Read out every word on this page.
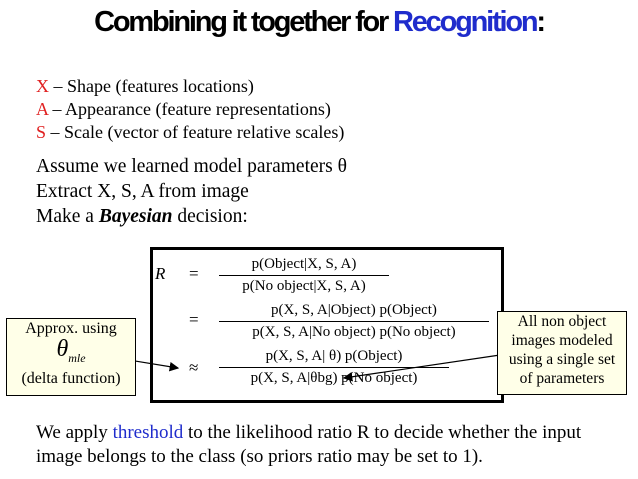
Combining it together for Recognition:
X – Shape (features locations)
A – Appearance (feature representations)
S – Scale (vector of feature relative scales)
Assume we learned model parameters θ
Extract X, S, A from image
Make a Bayesian decision:
R =	p(Object|X, S, A)
p(No object|X, S, A)
=	p(X, S, A|Object) p(Object)
p(X, S, A|No object) p(No object)
≈
p(X, S, A| θ) p(Object)
p(X, S, A|θbg) p(No object)
Approx. using
$\theta_{mle}$
(delta function)
All non object
images modeled
using a single set
of parameters
We apply threshold to the likelihood ratio R to decide whether the input image belongs to the class (so priors ratio may be set to 1).
